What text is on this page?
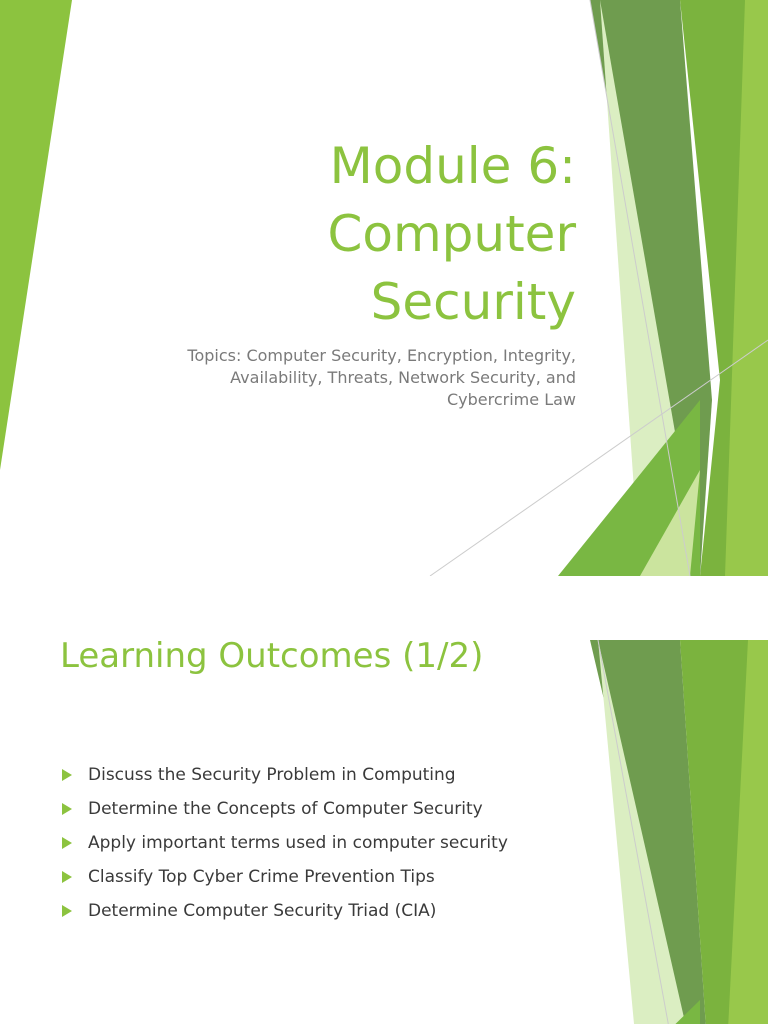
Module 6:
Computer
Security
Topics: Computer Security, Encryption, Integrity,
Availability, Threats, Network Security, and
Cybercrime Law
Learning Outcomes (1/2)
Discuss the Security Problem in Computing
Determine the Concepts of Computer Security
Apply important terms used in computer security
Classify Top Cyber Crime Prevention Tips
Determine Computer Security Triad (CIA)
